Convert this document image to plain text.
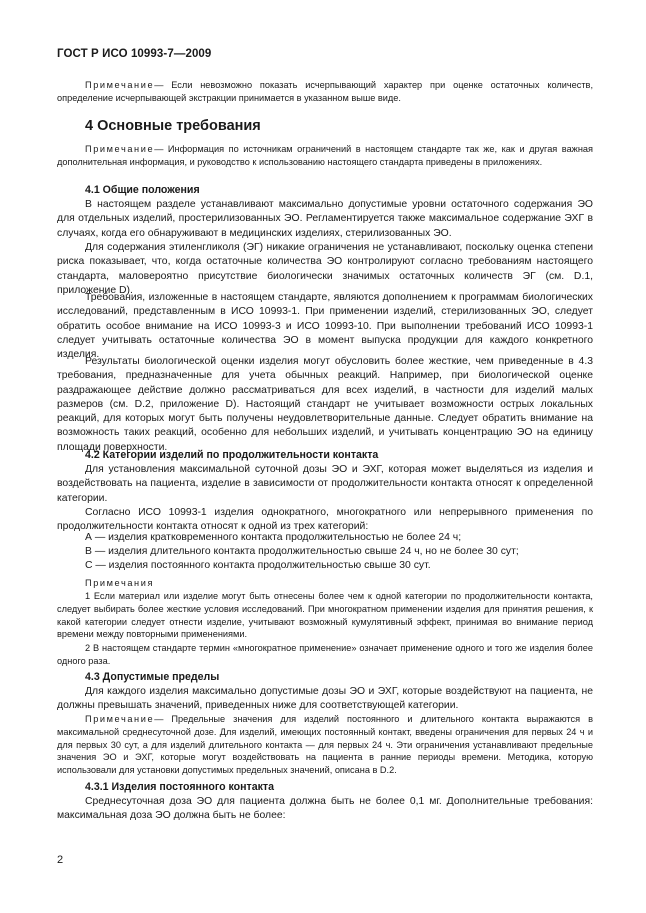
ГОСТ Р ИСО 10993-7—2009

Примечание— Если невозможно показать исчерпывающий характер при оценке остаточных количеств, определение исчерпывающей экстракции принимается в указанном выше виде.

4 Основные требования

Примечание— Информация по источникам ограничений в настоящем стандарте так же, как и другая важная дополнительная информация, и руководство к использованию настоящего стандарта приведены в приложениях.

4.1 Общие положения

В настоящем разделе устанавливают максимально допустимые уровни остаточного содержания ЭО для отдельных изделий, простерилизованных ЭО. Регламентируется также максимальное содержание ЭХГ в случаях, когда его обнаруживают в медицинских изделиях, стерилизованных ЭО.

Для содержания этиленгликоля (ЭГ) никакие ограничения не устанавливают, поскольку оценка степени риска показывает, что, когда остаточные количества ЭО контролируют согласно требованиям настоящего стандарта, маловероятно присутствие биологически значимых остаточных количеств ЭГ (см. D.1, приложение D).

Требования, изложенные в настоящем стандарте, являются дополнением к программам биологических исследований, представленным в ИСО 10993-1. При применении изделий, стерилизованных ЭО, следует обратить особое внимание на ИСО 10993-3 и ИСО 10993-10. При выполнении требований ИСО 10993-1 следует учитывать остаточные количества ЭО в момент выпуска продукции для каждого конкретного изделия.

Результаты биологической оценки изделия могут обусловить более жесткие, чем приведенные в 4.3 требования, предназначенные для учета обычных реакций. Например, при биологической оценке раздражающее действие должно рассматриваться для всех изделий, в частности для изделий малых размеров (см. D.2, приложение D). Настоящий стандарт не учитывает возможности острых локальных реакций, для которых могут быть получены неудовлетворительные данные. Следует обратить внимание на возможность таких реакций, особенно для небольших изделий, и учитывать концентрацию ЭО на единицу площади поверхности.

4.2 Категории изделий по продолжительности контакта

Для установления максимальной суточной дозы ЭО и ЭХГ, которая может выделяться из изделия и воздействовать на пациента, изделие в зависимости от продолжительности контакта относят к определенной категории.

Согласно ИСО 10993-1 изделия однократного, многократного или непрерывного применения по продолжительности контакта относят к одной из трех категорий:

А — изделия кратковременного контакта продолжительностью не более 24 ч;

В — изделия длительного контакта продолжительностью свыше 24 ч, но не более 30 сут;

С — изделия постоянного контакта продолжительностью свыше 30 сут.

Примечания

1 Если материал или изделие могут быть отнесены более чем к одной категории по продолжительности контакта, следует выбирать более жесткие условия исследований. При многократном применении изделия для принятия решения, к какой категории следует отнести изделие, учитывают возможный кумулятивный эффект, принимая во внимание период времени между повторными применениями.

2 В настоящем стандарте термин «многократное применение» означает применение одного и того же изделия более одного раза.

4.3 Допустимые пределы

Для каждого изделия максимально допустимые дозы ЭО и ЭХГ, которые воздействуют на пациента, не должны превышать значений, приведенных ниже для соответствующей категории.

Примечание— Предельные значения для изделий постоянного и длительного контакта выражаются в максимальной среднесуточной дозе. Для изделий, имеющих постоянный контакт, введены ограничения для первых 24 ч и для первых 30 сут, а для изделий длительного контакта — для первых 24 ч. Эти ограничения устанавливают предельные значения ЭО и ЭХГ, которые могут воздействовать на пациента в ранние периоды времени. Методика, которую использовали для установки допустимых предельных значений, описана в D.2.

4.3.1 Изделия постоянного контакта

Среднесуточная доза ЭО для пациента должна быть не более 0,1 мг. Дополнительные требования: максимальная доза ЭО должна быть не более:

2
